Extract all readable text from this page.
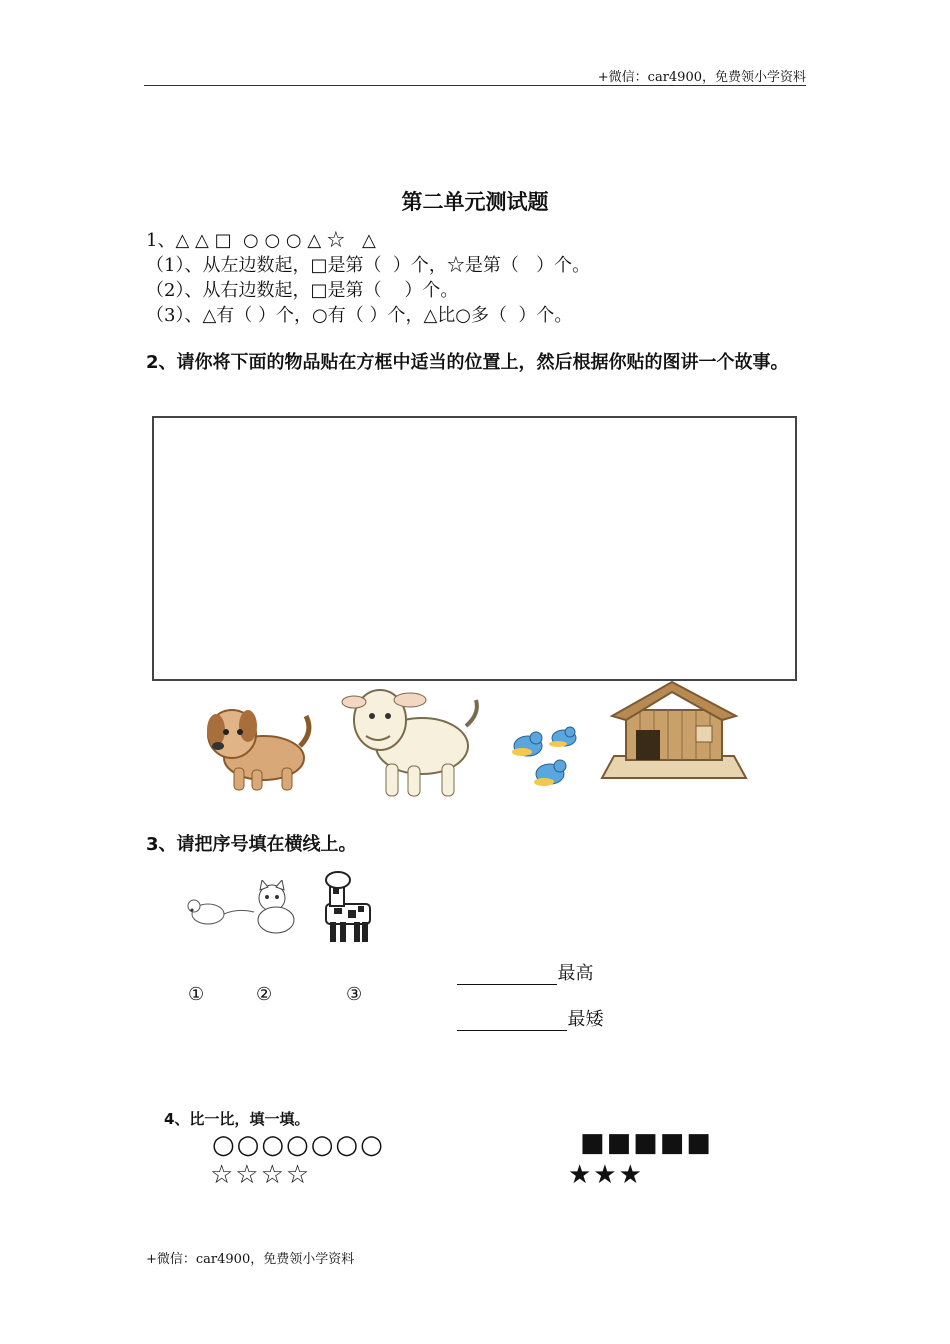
+微信：car4900，免费领小学资料
第二单元测试题
1、△ △ □  ○ ○ ○ △ ☆   △
（1）、从左边数起，□是第（  ）个，☆是第（   ）个。
（2）、从右边数起，□是第（    ）个。
（3）、△有（ ）个，○有（ ）个，△比○多（  ）个。
2、请你将下面的物品贴在方框中适当的位置上，然后根据你贴的图讲一个故事。
3、请把序号填在横线上。
①	②	③

最高

最矮

4、比一比，填一填。
○○○○○○○
☆☆☆☆
■■■■■
★★★
+微信：car4900，免费领小学资料
